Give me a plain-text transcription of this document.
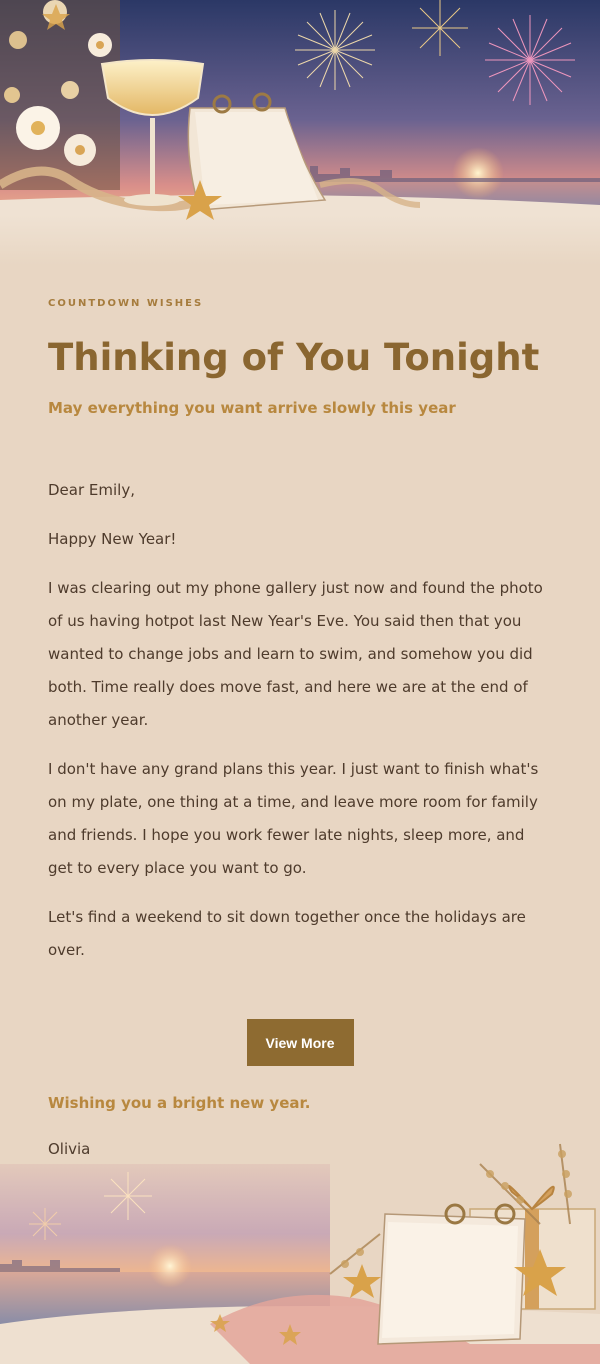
COUNTDOWN WISHES
Thinking of You Tonight
May everything you want arrive slowly this year

Dear Emily,

Happy New Year!

I was clearing out my phone gallery just now and found the photo of us having hotpot last New Year's Eve. You said then that you wanted to change jobs and learn to swim, and somehow you did both. Time really does move fast, and here we are at the end of another year.

I don't have any grand plans this year. I just want to finish what's on my plate, one thing at a time, and leave more room for family and friends. I hope you work fewer late nights, sleep more, and get to every place you want to go.

Let's find a weekend to sit down together once the holidays are over.

View More
Wishing you a bright new year.
Olivia
